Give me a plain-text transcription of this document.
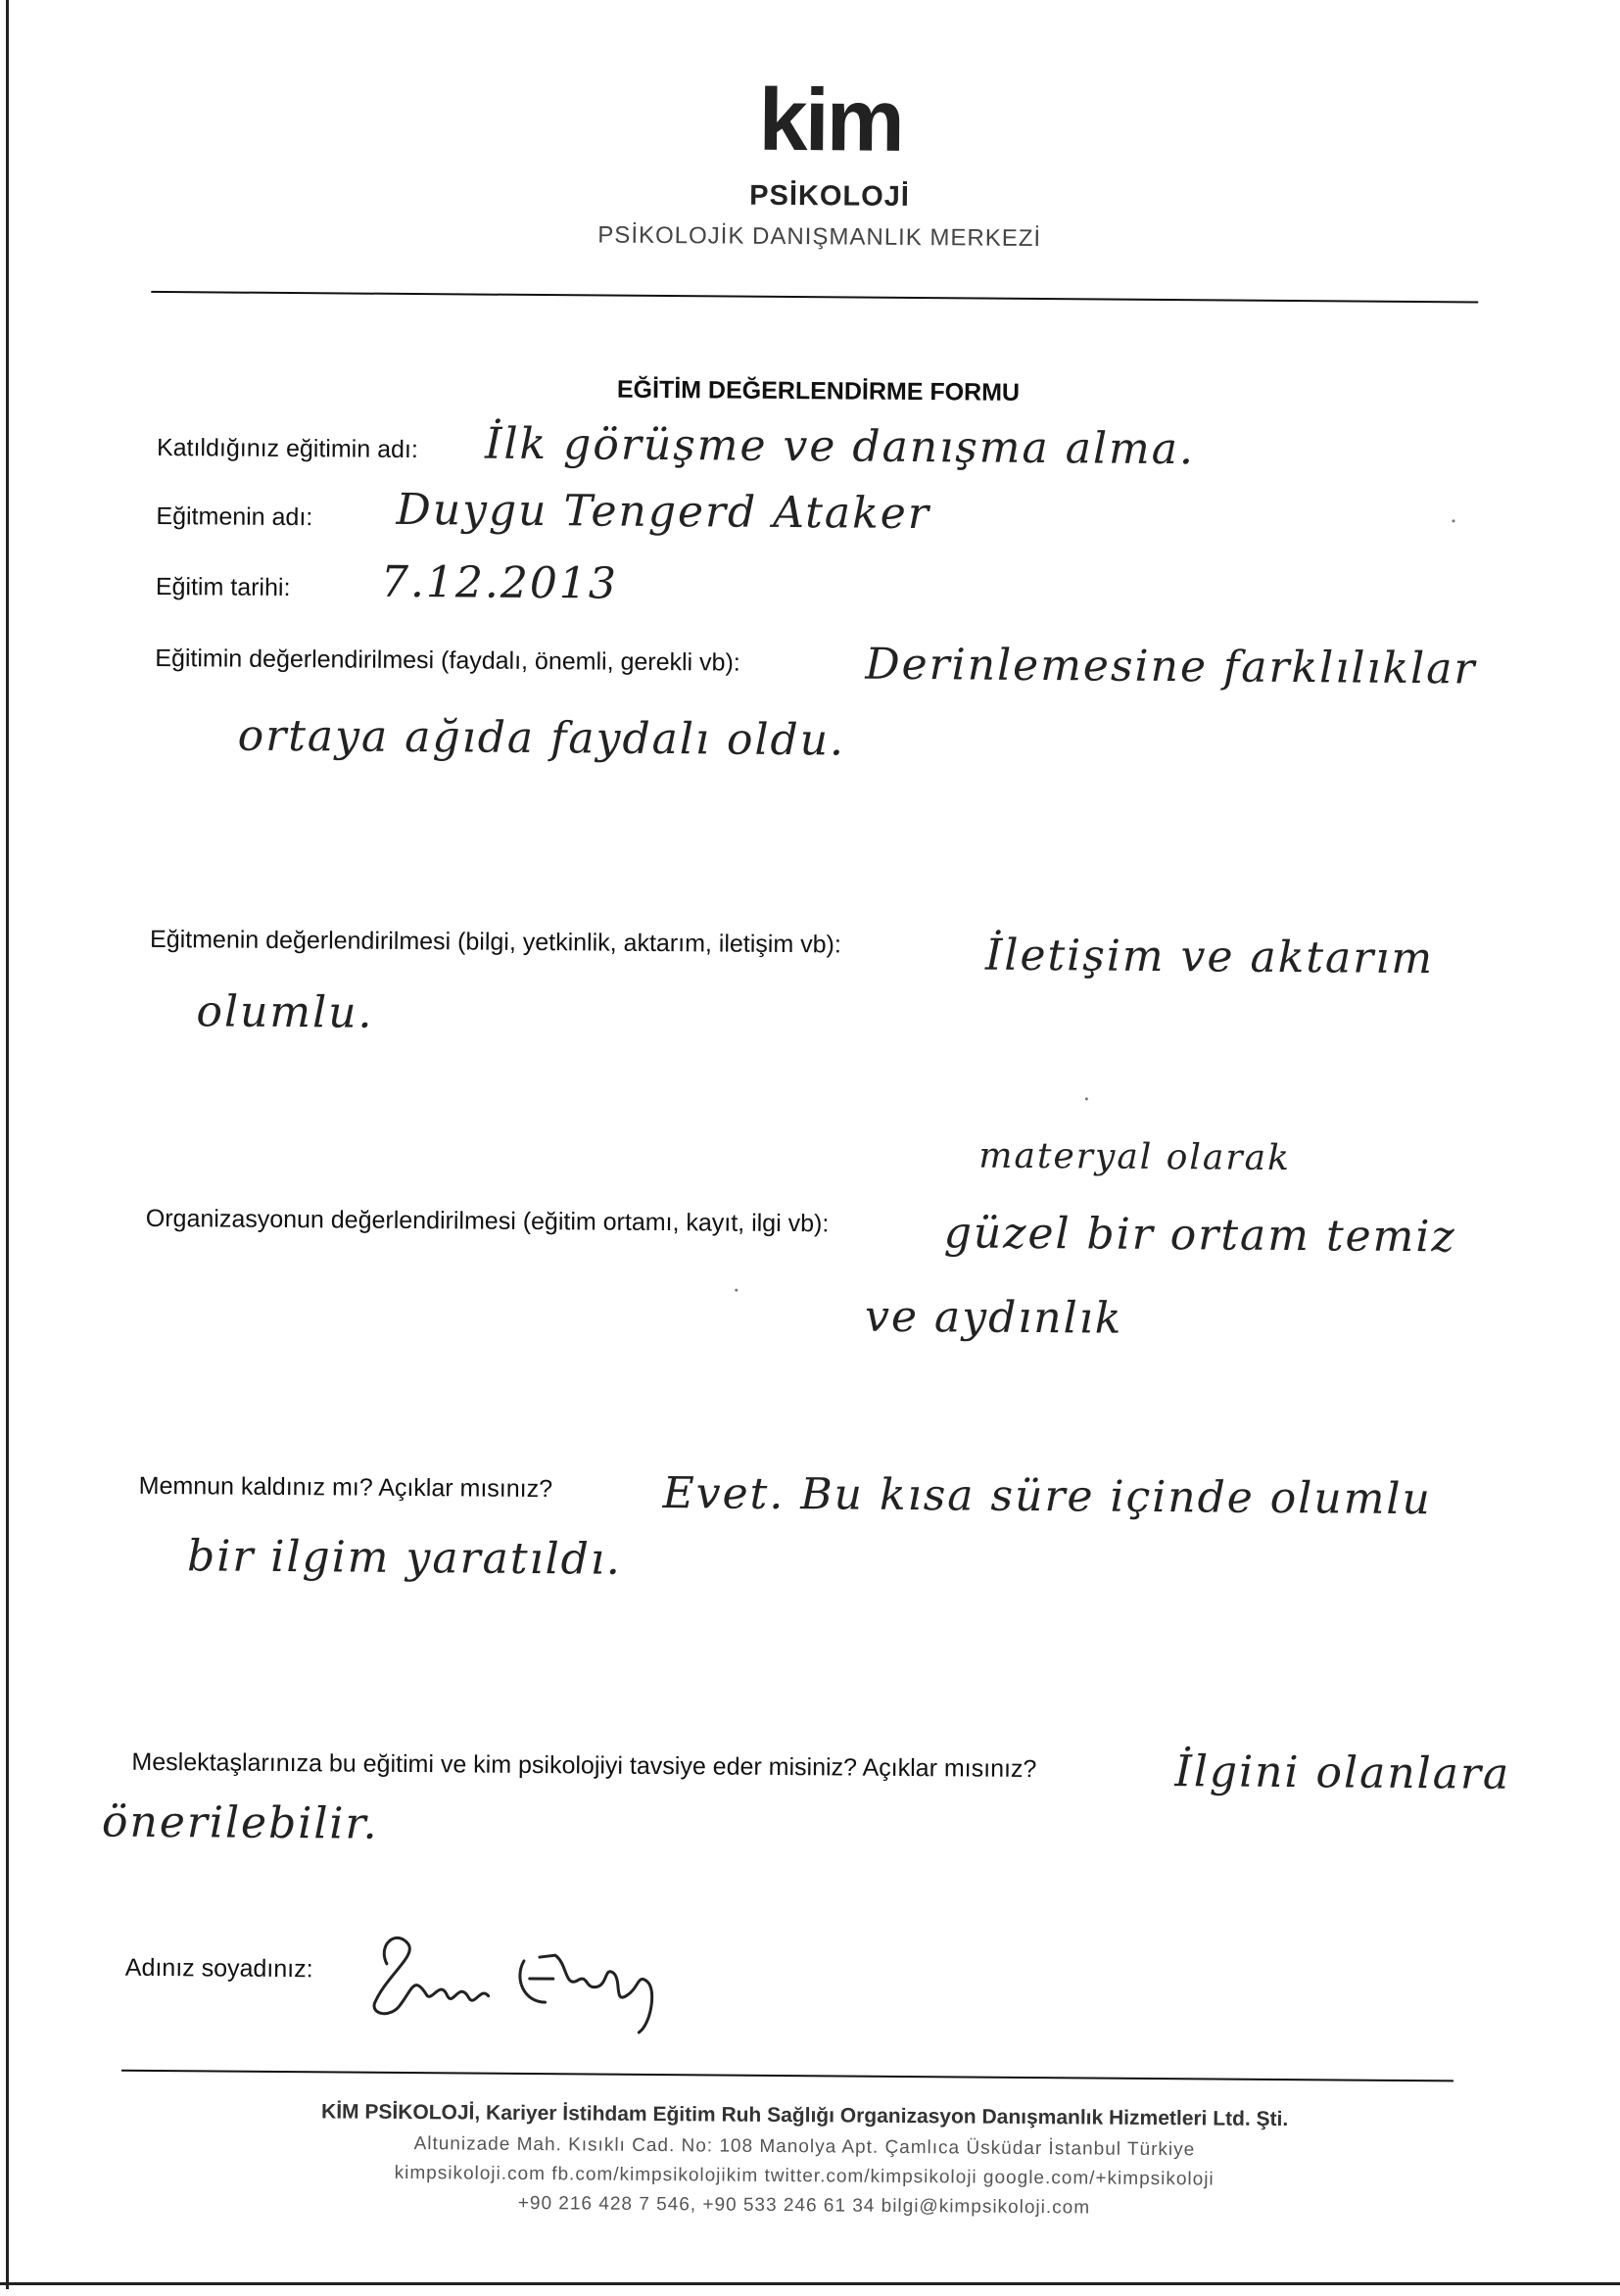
kim
PSİKOLOJİ
PSİKOLOJİK DANIŞMANLIK MERKEZİ
EĞİTİM DEĞERLENDİRME FORMU
Katıldığınız eğitimin adı: İlk görüşme ve danışma alma.
Eğitmenin adı: Duygu Tengerd Ataker
Eğitim tarihi: 7.12.2013
Eğitimin değerlendirilmesi (faydalı, önemli, gerekli vb):	Derinlemesine farklılıklar
ortaya ağıda faydalı oldu.
Eğitmenin değerlendirilmesi (bilgi, yetkinlik, aktarım, iletişim vb):	İletişim ve aktarım
olumlu.
Organizasyonun değerlendirilmesi (eğitim ortamı, kayıt, ilgi vb):
materyal olarak
güzel bir ortam temiz
ve aydınlık
Memnun kaldınız mı? Açıklar mısınız?	Evet. Bu kısa süre içinde olumlu
bir ilgim yaratıldı.
Meslektaşlarınıza bu eğitimi ve kim psikolojiyi tavsiye eder misiniz? Açıklar mısınız?	İlgini olanlara
önerilebilir.
Adınız soyadınız:
KİM PSİKOLOJİ, Kariyer İstihdam Eğitim Ruh Sağlığı Organizasyon Danışmanlık Hizmetleri Ltd. Şti.
Altunizade Mah. Kısıklı Cad. No: 108 Manolya Apt. Çamlıca Üsküdar İstanbul Türkiye
kimpsikoloji.com fb.com/kimpsikolojikim twitter.com/kimpsikoloji google.com/+kimpsikoloji
+90 216 428 7 546, +90 533 246 61 34 bilgi@kimpsikoloji.com
